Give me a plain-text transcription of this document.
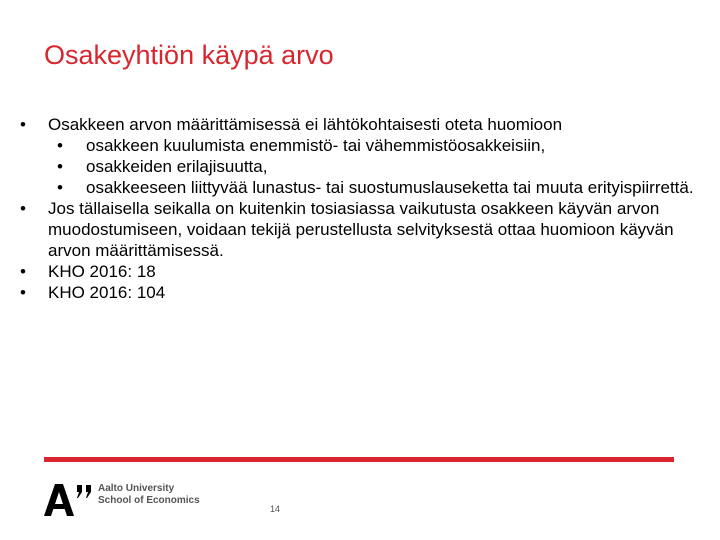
Osakeyhtiön käypä arvo
• Osakkeen arvon määrittämisessä ei lähtökohtaisesti oteta huomioon
• osakkeen kuulumista enemmistö- tai vähemmistöosakkeisiin,
• osakkeiden erilajisuutta,
• osakkeeseen liittyvää lunastus- tai suostumuslauseketta tai muuta erityispiirrettä.
• Jos tällaisella seikalla on kuitenkin tosiasiassa vaikutusta osakkeen käyvän arvon muodostumiseen, voidaan tekijä perustellusta selvityksestä ottaa huomioon käyvän arvon määrittämisessä.
• KHO 2016: 18
• KHO 2016: 104
Aalto University
School of Economics
14
